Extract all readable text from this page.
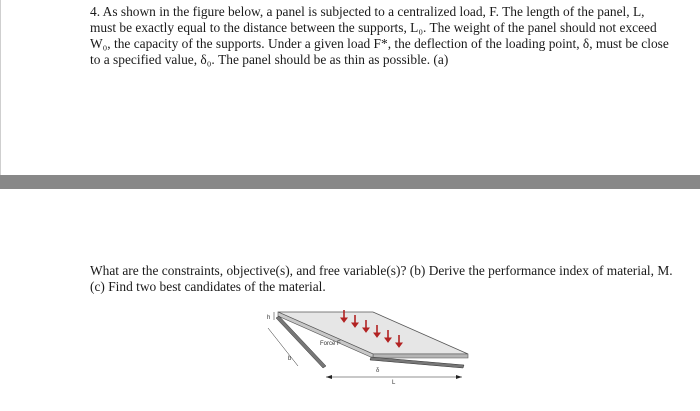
4. As shown in the figure below, a panel is subjected to a centralized load, F. The length of the panel, L, must be exactly equal to the distance between the supports, L₀. The weight of the panel should not exceed W₀, the capacity of the supports. Under a given load F*, the deflection of the loading point, δ, must be close to a specified value, δ₀. The panel should be as thin as possible. (a)

What are the constraints, objective(s), and free variable(s)? (b) Derive the performance index of material, M. (c) Find two best candidates of the material.

h
b
Force F
δ
L
